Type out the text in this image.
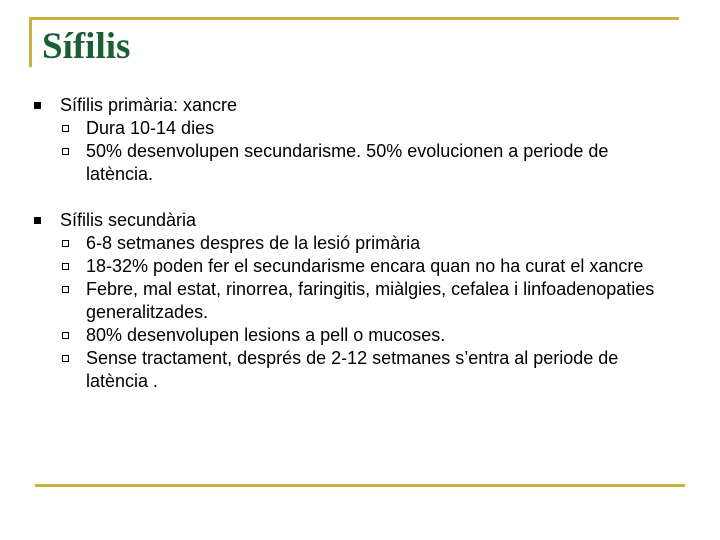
Sífilis
Sífilis primària: xancre
Dura 10-14 dies
50% desenvolupen secundarisme. 50% evolucionen a periode de latència.
Sífilis secundària
6-8 setmanes despres de la lesió primària
18-32% poden fer el secundarisme encara quan no ha curat el xancre
Febre, mal estat, rinorrea, faringitis, miàlgies, cefalea i linfoadenopaties generalitzades.
80% desenvolupen lesions a pell o mucoses.
Sense tractament, després de 2-12 setmanes s’entra al periode de latència .
